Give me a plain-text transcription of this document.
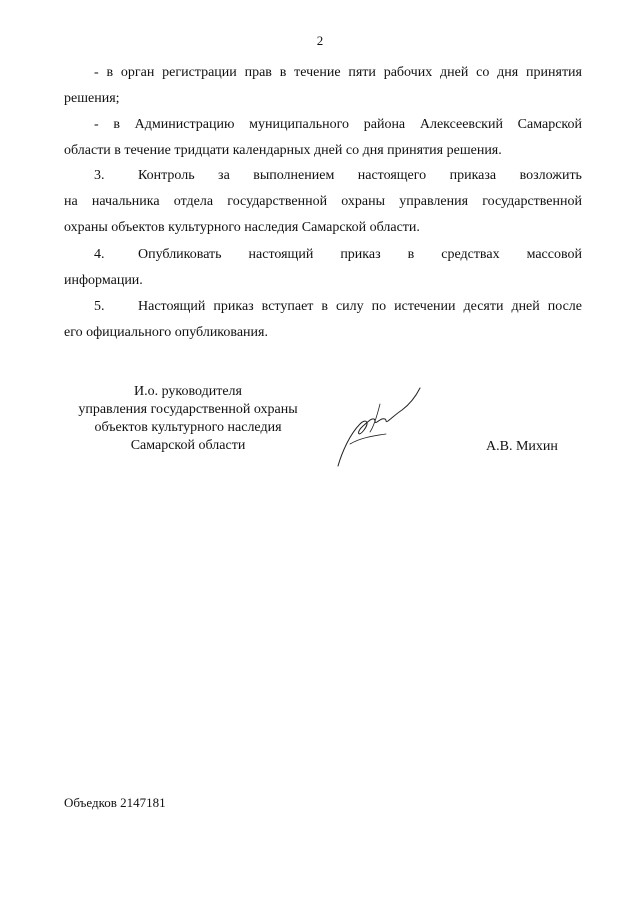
2
- в орган регистрации прав в течение пяти рабочих дней со дня принятия
решения;
- в Администрацию муниципального района Алексеевский Самарской
области в течение тридцати календарных дней со дня принятия решения.
3.	Контроль за выполнением настоящего приказа возложить
на начальника отдела государственной охраны управления государственной
охраны объектов культурного наследия Самарской области.
4.	Опубликовать настоящий приказ в средствах массовой
информации.
5.	Настоящий приказ вступает в силу по истечении десяти дней после
его официального опубликования.
И.о. руководителя
управления государственной охраны
объектов культурного наследия
Самарской области	А.В. Михин
Объедков 2147181
